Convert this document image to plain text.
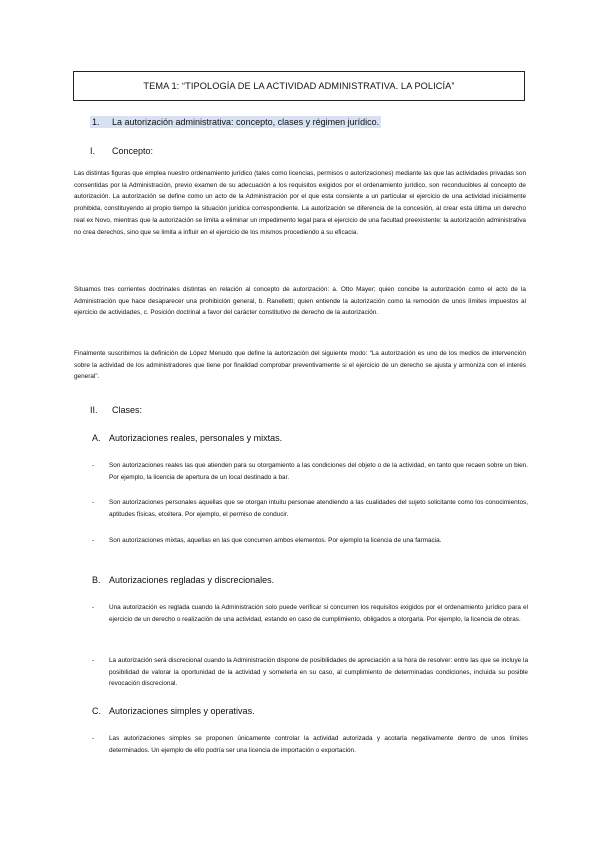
TEMA 1: “TIPOLOGÍA DE LA ACTIVIDAD ADMINISTRATIVA. LA POLICÍA”
1. La autorización administrativa: concepto, clases y régimen jurídico.
I. Concepto:

Las distintas figuras que emplea nuestro ordenamiento jurídico (tales como licencias, permisos o autorizaciones) mediante las que las actividades privadas son consentidas por la Administración, previo examen de su adecuación a los requisitos exigidos por el ordenamiento jurídico, son reconducibles al concepto de autorización. La autorización se define como un acto de la Administración por el que esta consiente a un particular el ejercicio de una actividad inicialmente prohibida, constituyendo al propio tiempo la situación jurídica correspondiente. La autorización se diferencia de la concesión, al crear esta última un derecho real ex Novo, mientras que la autorización se limita a eliminar un impedimento legal para el ejercicio de una facultad preexistente: la autorización administrativa no crea derechos, sino que se limita a influir en el ejercicio de los mismos procediendo a su eficacia.

Situamos tres corrientes doctrinales distintas en relación al concepto de autorización: a. Otto Mayer; quien concibe la autorización como el acto de la Administración que hace desaparecer una prohibición general, b. Ranelletti; quien entiende la autorización como la remoción de unos límites impuestos al ejercicio de actividades, c. Posición doctrinal a favor del carácter constitutivo de derecho de la autorización.

Finalmente suscribimos la definición de López Menudo que define la autorización del siguiente modo: “La autorización es uno de los medios de intervención sobre la actividad de los administradores que tiene por finalidad comprobar preventivamente si el ejercicio de un derecho se ajusta y armoniza con el interés general”.

II. Clases:
A. Autorizaciones reales, personales y mixtas.
- Son autorizaciones reales las que atienden para su otorgamiento a las condiciones del objeto o de la actividad, en tanto que recaen sobre un bien. Por ejemplo, la licencia de apertura de un local destinado a bar.
- Son autorizaciones personales aquellas que se otorgan intuitu personae atendiendo a las cualidades del sujeto solicitante como los conocimientos, aptitudes físicas, etcétera. Por ejemplo, el permiso de conducir.
- Son autorizaciones mixtas, aquellas en las que concurren ambos elementos. Por ejemplo la licencia de una farmacia.
B. Autorizaciones regladas y discrecionales.
- Una autorización es reglada cuando la Administración solo puede verificar si concurren los requisitos exigidos por el ordenamiento jurídico para el ejercicio de un derecho o realización de una actividad, estando en caso de cumplimiento, obligados a otorgarla. Por ejemplo, la licencia de obras.
- La autorización será discrecional cuando la Administración dispone de posibilidades de apreciación a la hora de resolver: entre las que se incluye la posibilidad de valorar la oportunidad de la actividad y someterla en su caso, al cumplimiento de determinadas condiciones, incluida su posible revocación discrecional.
C. Autorizaciones simples y operativas.
- Las autorizaciones simples se proponen únicamente controlar la actividad autorizada y acotarla negativamente dentro de unos límites determinados. Un ejemplo de ello podría ser una licencia de importación o exportación.
